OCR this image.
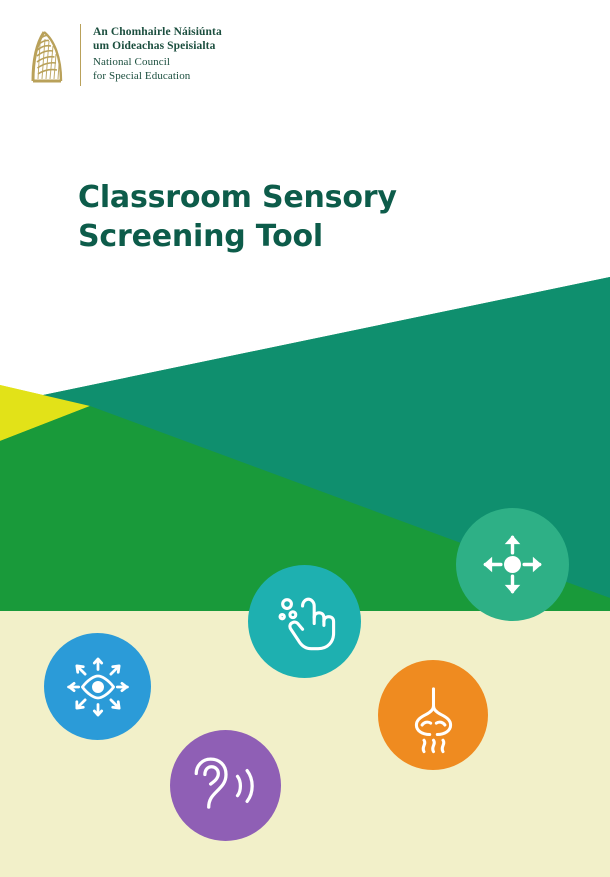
An Chomhairle Náisiúnta
um Oideachas Speisialta
National Council
for Special Education
Classroom Sensory
Screening Tool
